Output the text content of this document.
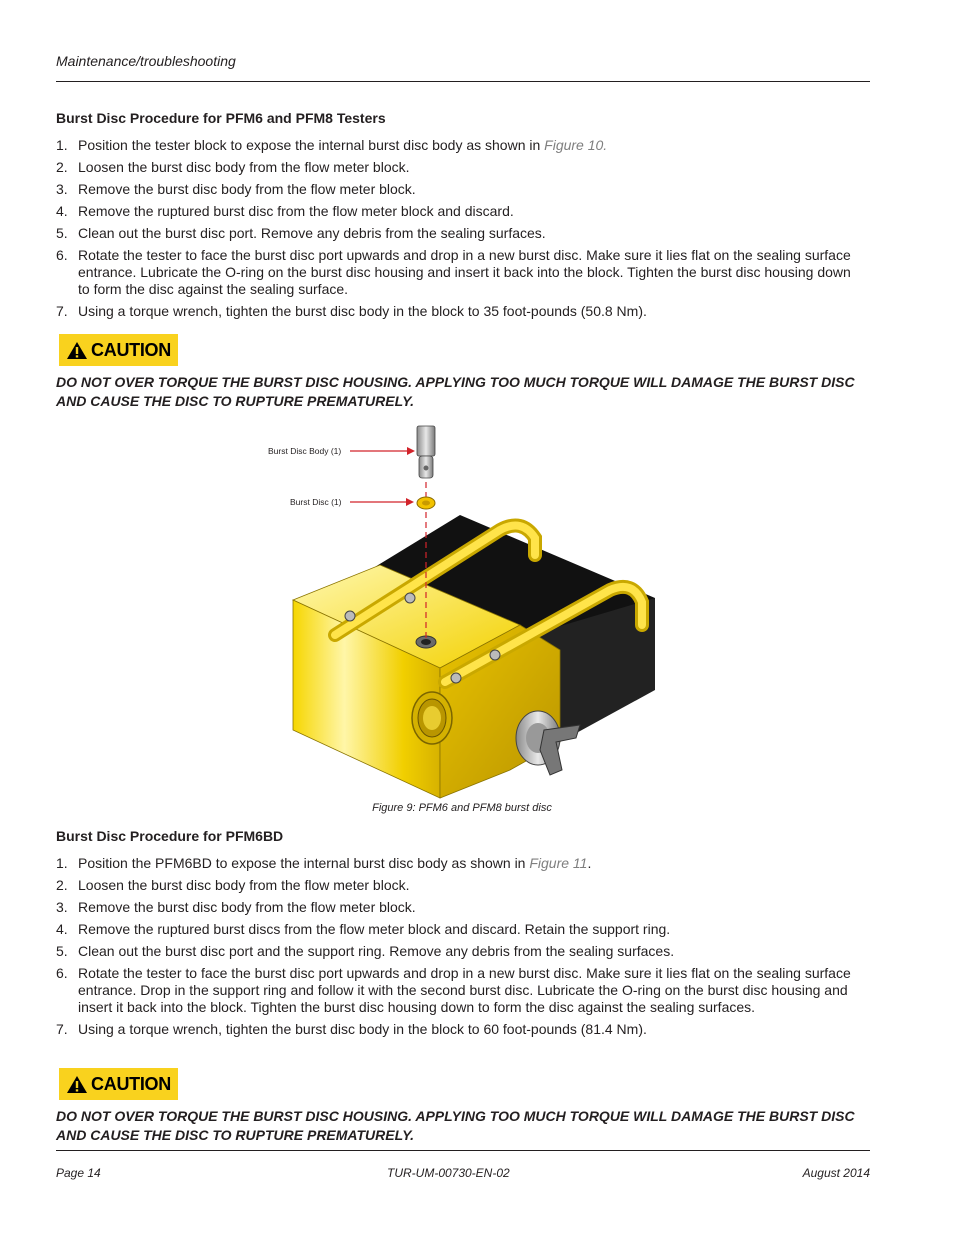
Maintenance/troubleshooting
Burst Disc Procedure for PFM6 and PFM8 Testers
1. Position the tester block to expose the internal burst disc body as shown in Figure 10.
2. Loosen the burst disc body from the flow meter block.
3. Remove the burst disc body from the flow meter block.
4. Remove the ruptured burst disc from the flow meter block and discard.
5. Clean out the burst disc port. Remove any debris from the sealing surfaces.
6. Rotate the tester to face the burst disc port upwards and drop in a new burst disc. Make sure it lies flat on the sealing surface entrance. Lubricate the O-ring on the burst disc housing and insert it back into the block. Tighten the burst disc housing down to form the disc against the sealing surface.
7. Using a torque wrench, tighten the burst disc body in the block to 35 foot-pounds (50.8 Nm).
CAUTION
DO NOT OVER TORQUE THE BURST DISC HOUSING. APPLYING TOO MUCH TORQUE WILL DAMAGE THE BURST DISC AND CAUSE THE DISC TO RUPTURE PREMATURELY.
Burst Disc Body (1)
Burst Disc (1)
Figure 9: PFM6 and PFM8 burst disc
Burst Disc Procedure for PFM6BD
1. Position the PFM6BD to expose the internal burst disc body as shown in Figure 11.
2. Loosen the burst disc body from the flow meter block.
3. Remove the burst disc body from the flow meter block.
4. Remove the ruptured burst discs from the flow meter block and discard. Retain the support ring.
5. Clean out the burst disc port and the support ring. Remove any debris from the sealing surfaces.
6. Rotate the tester to face the burst disc port upwards and drop in a new burst disc. Make sure it lies flat on the sealing surface entrance. Drop in the support ring and follow it with the second burst disc. Lubricate the O-ring on the burst disc housing and insert it back into the block. Tighten the burst disc housing down to form the disc against the sealing surfaces.
7. Using a torque wrench, tighten the burst disc body in the block to 60 foot-pounds (81.4 Nm).
CAUTION
DO NOT OVER TORQUE THE BURST DISC HOUSING. APPLYING TOO MUCH TORQUE WILL DAMAGE THE BURST DISC AND CAUSE THE DISC TO RUPTURE PREMATURELY.
Page 14	TUR-UM-00730-EN-02	August 2014
